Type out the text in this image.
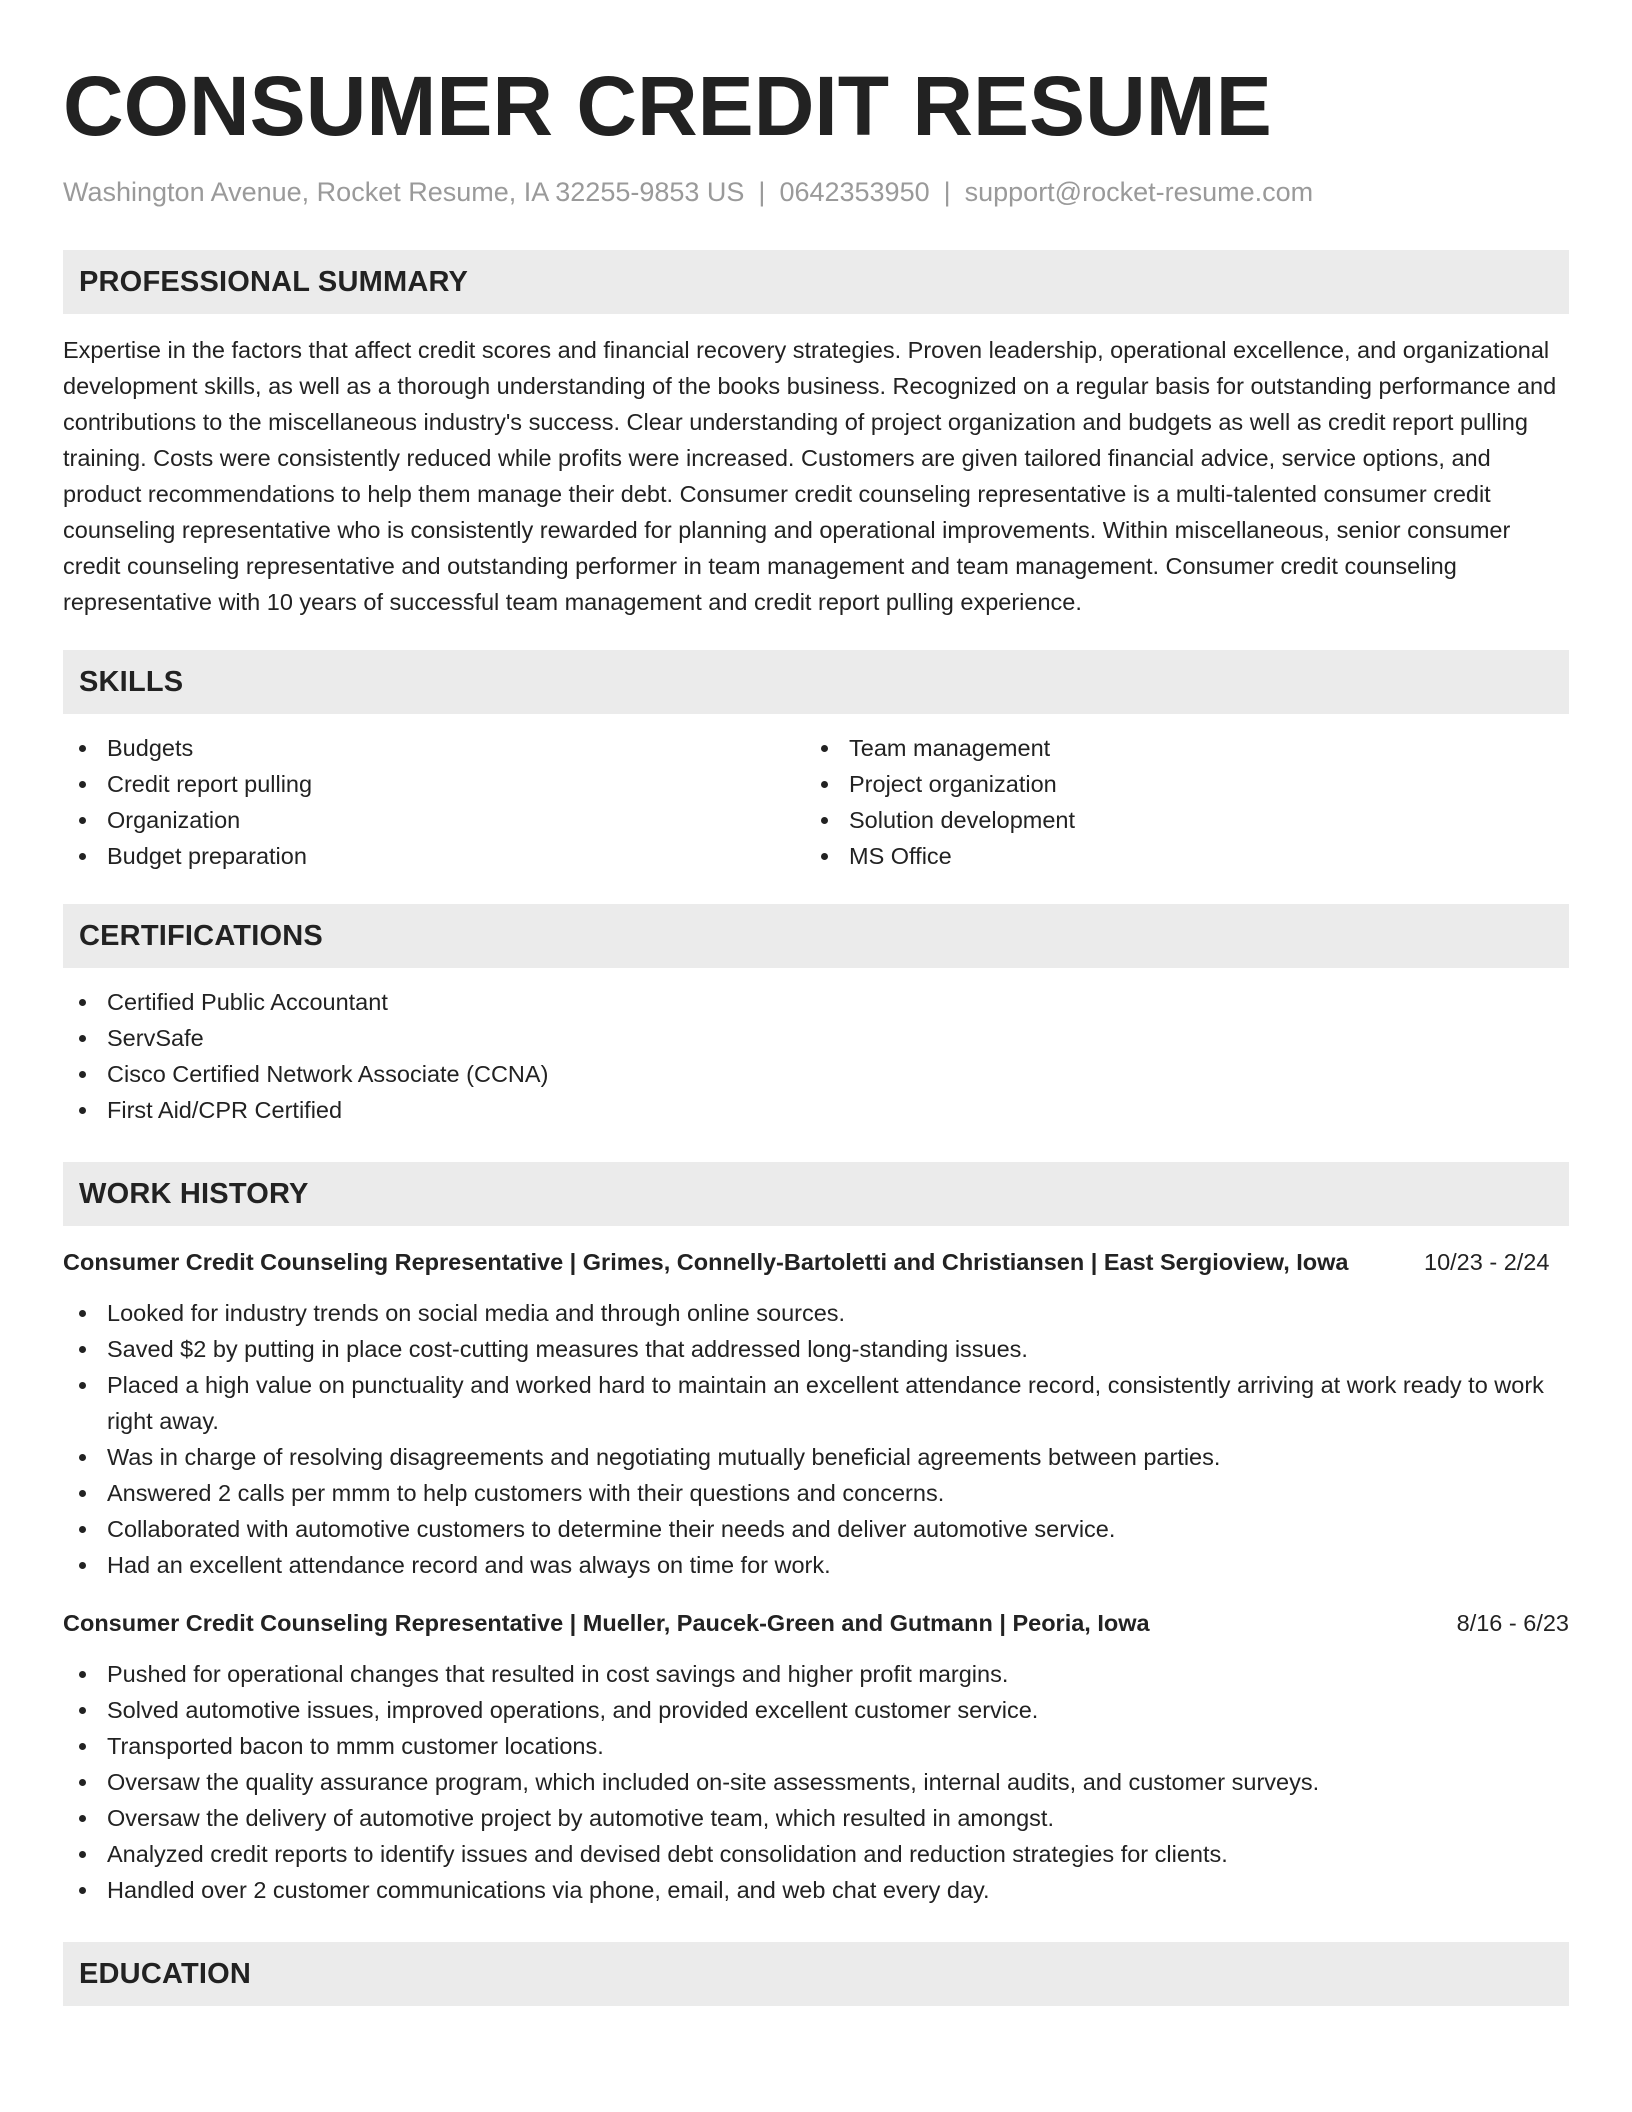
CONSUMER CREDIT RESUME
Washington Avenue, Rocket Resume, IA 32255-9853 US | 0642353950 | support@rocket-resume.com
PROFESSIONAL SUMMARY

Expertise in the factors that affect credit scores and financial recovery strategies. Proven leadership, operational excellence, and organizational development skills, as well as a thorough understanding of the books business. Recognized on a regular basis for outstanding performance and contributions to the miscellaneous industry's success. Clear understanding of project organization and budgets as well as credit report pulling training. Costs were consistently reduced while profits were increased. Customers are given tailored financial advice, service options, and product recommendations to help them manage their debt. Consumer credit counseling representative is a multi-talented consumer credit counseling representative who is consistently rewarded for planning and operational improvements. Within miscellaneous, senior consumer credit counseling representative and outstanding performer in team management and team management. Consumer credit counseling representative with 10 years of successful team management and credit report pulling experience.

SKILLS
Budgets
Credit report pulling
Organization
Budget preparation
Team management
Project organization
Solution development
MS Office
CERTIFICATIONS
Certified Public Accountant
ServSafe
Cisco Certified Network Associate (CCNA)
First Aid/CPR Certified
WORK HISTORY
Consumer Credit Counseling Representative | Grimes, Connelly-Bartoletti and Christiansen | East Sergioview, Iowa	10/23 - 2/24
Looked for industry trends on social media and through online sources.
Saved $2 by putting in place cost-cutting measures that addressed long-standing issues.
Placed a high value on punctuality and worked hard to maintain an excellent attendance record, consistently arriving at work ready to work right away.
Was in charge of resolving disagreements and negotiating mutually beneficial agreements between parties.
Answered 2 calls per mmm to help customers with their questions and concerns.
Collaborated with automotive customers to determine their needs and deliver automotive service.
Had an excellent attendance record and was always on time for work.
Consumer Credit Counseling Representative | Mueller, Paucek-Green and Gutmann | Peoria, Iowa	8/16 - 6/23
Pushed for operational changes that resulted in cost savings and higher profit margins.
Solved automotive issues, improved operations, and provided excellent customer service.
Transported bacon to mmm customer locations.
Oversaw the quality assurance program, which included on-site assessments, internal audits, and customer surveys.
Oversaw the delivery of automotive project by automotive team, which resulted in amongst.
Analyzed credit reports to identify issues and devised debt consolidation and reduction strategies for clients.
Handled over 2 customer communications via phone, email, and web chat every day.
EDUCATION
